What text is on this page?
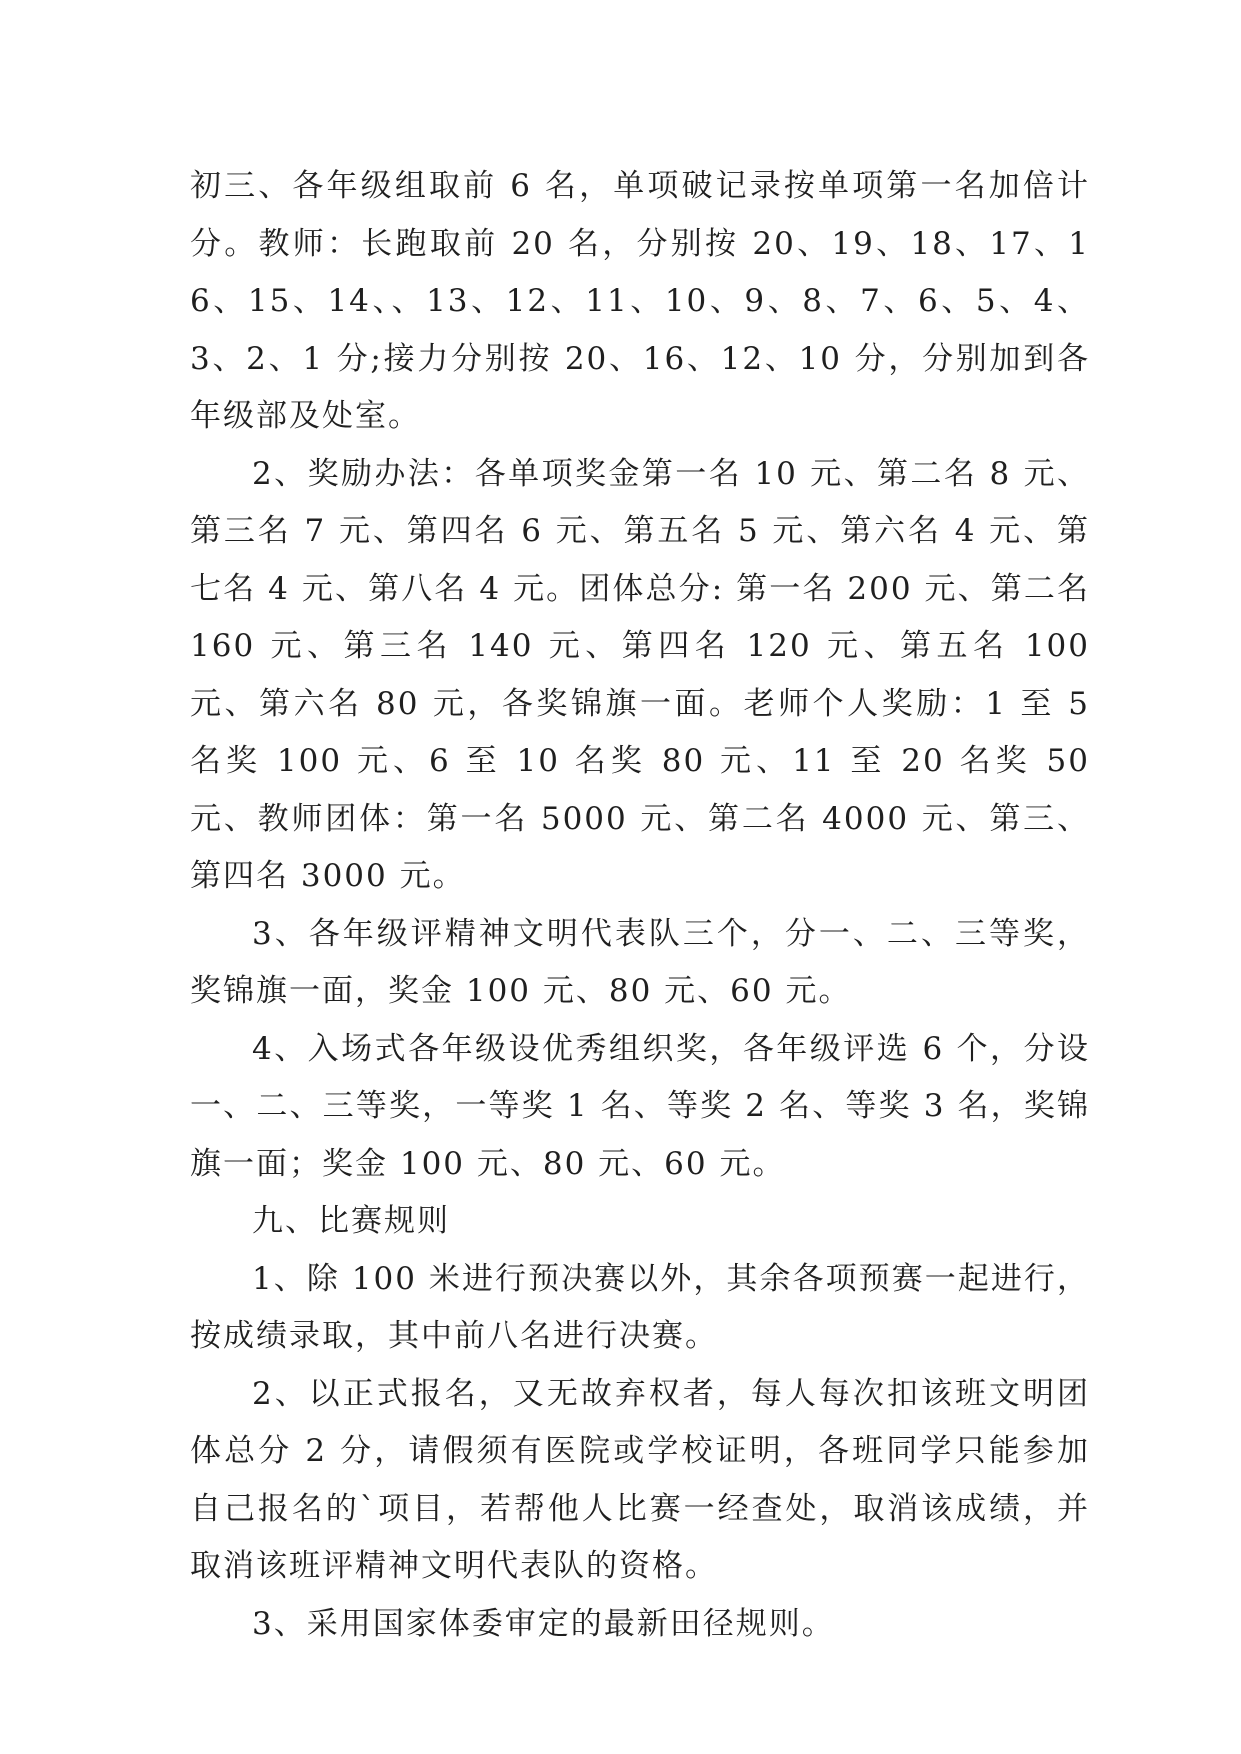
初三、各年级组取前 6 名，单项破记录按单项第一名加倍计分。教师：长跑取前 20 名，分别按 20、19、18、17、16、15、14、、13、12、11、10、9、8、7、6、5、4、3、2、1 分;接力分别按 20、16、12、10 分，分别加到各年级部及处室。

2、奖励办法：各单项奖金第一名 10 元、第二名 8 元、第三名 7 元、第四名 6 元、第五名 5 元、第六名 4 元、第七名 4 元、第八名 4 元。团体总分: 第一名 200 元、第二名 160 元、第三名 140 元、第四名 120 元、第五名 100 元、第六名 80 元，各奖锦旗一面。老师个人奖励：1 至 5 名奖 100 元、6 至 10 名奖 80 元、11 至 20 名奖 50 元、教师团体：第一名 5000 元、第二名 4000 元、第三、第四名 3000 元。

3、各年级评精神文明代表队三个，分一、二、三等奖，奖锦旗一面，奖金 100 元、80 元、60 元。

4、入场式各年级设优秀组织奖，各年级评选 6 个，分设一、二、三等奖，一等奖 1 名、等奖 2 名、等奖 3 名，奖锦旗一面；奖金 100 元、80 元、60 元。

九、比赛规则

1、除 100 米进行预决赛以外，其余各项预赛一起进行，按成绩录取，其中前八名进行决赛。

2、以正式报名，又无故弃权者，每人每次扣该班文明团体总分 2 分，请假须有医院或学校证明，各班同学只能参加自己报名的`项目，若帮他人比赛一经查处，取消该成绩，并取消该班评精神文明代表队的资格。

3、采用国家体委审定的最新田径规则。
